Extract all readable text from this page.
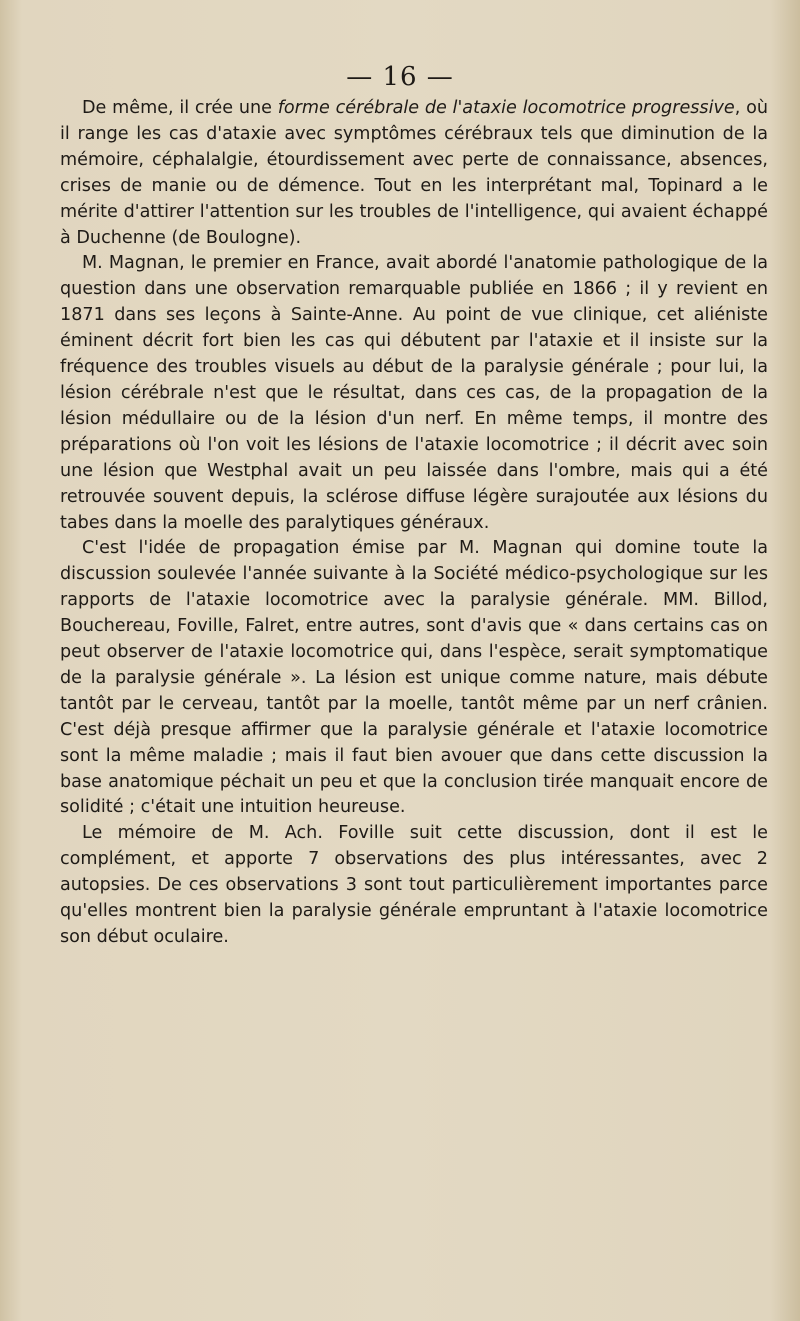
— 16 —

De même, il crée une forme cérébrale de l'ataxie locomotrice progressive, où il range les cas d'ataxie avec symptômes cérébraux tels que diminution de la mémoire, céphalalgie, étourdissement avec perte de connaissance, absences, crises de manie ou de démence. Tout en les interprétant mal, Topinard a le mérite d'attirer l'attention sur les troubles de l'intelligence, qui avaient échappé à Duchenne (de Boulogne).

M. Magnan, le premier en France, avait abordé l'anatomie pathologique de la question dans une observation remarquable publiée en 1866 ; il y revient en 1871 dans ses leçons à Sainte-Anne. Au point de vue clinique, cet aliéniste éminent décrit fort bien les cas qui débutent par l'ataxie et il insiste sur la fréquence des troubles visuels au début de la paralysie générale ; pour lui, la lésion cérébrale n'est que le résultat, dans ces cas, de la propagation de la lésion médullaire ou de la lésion d'un nerf. En même temps, il montre des préparations où l'on voit les lésions de l'ataxie locomotrice ; il décrit avec soin une lésion que Westphal avait un peu laissée dans l'ombre, mais qui a été retrouvée souvent depuis, la sclérose diffuse légère surajoutée aux lésions du tabes dans la moelle des paralytiques généraux.

C'est l'idée de propagation émise par M. Magnan qui domine toute la discussion soulevée l'année suivante à la Société médico-psychologique sur les rapports de l'ataxie locomotrice avec la paralysie générale. MM. Billod, Bouchereau, Foville, Falret, entre autres, sont d'avis que « dans certains cas on peut observer de l'ataxie locomotrice qui, dans l'espèce, serait symptomatique de la paralysie générale ». La lésion est unique comme nature, mais débute tantôt par le cerveau, tantôt par la moelle, tantôt même par un nerf crânien. C'est déjà presque affirmer que la paralysie générale et l'ataxie locomotrice sont la même maladie ; mais il faut bien avouer que dans cette discussion la base anatomique péchait un peu et que la conclusion tirée manquait encore de solidité ; c'était une intuition heureuse.

Le mémoire de M. Ach. Foville suit cette discussion, dont il est le complément, et apporte 7 observations des plus intéressantes, avec 2 autopsies. De ces observations 3 sont tout particulièrement importantes parce qu'elles montrent bien la paralysie générale empruntant à l'ataxie locomotrice son début oculaire.
